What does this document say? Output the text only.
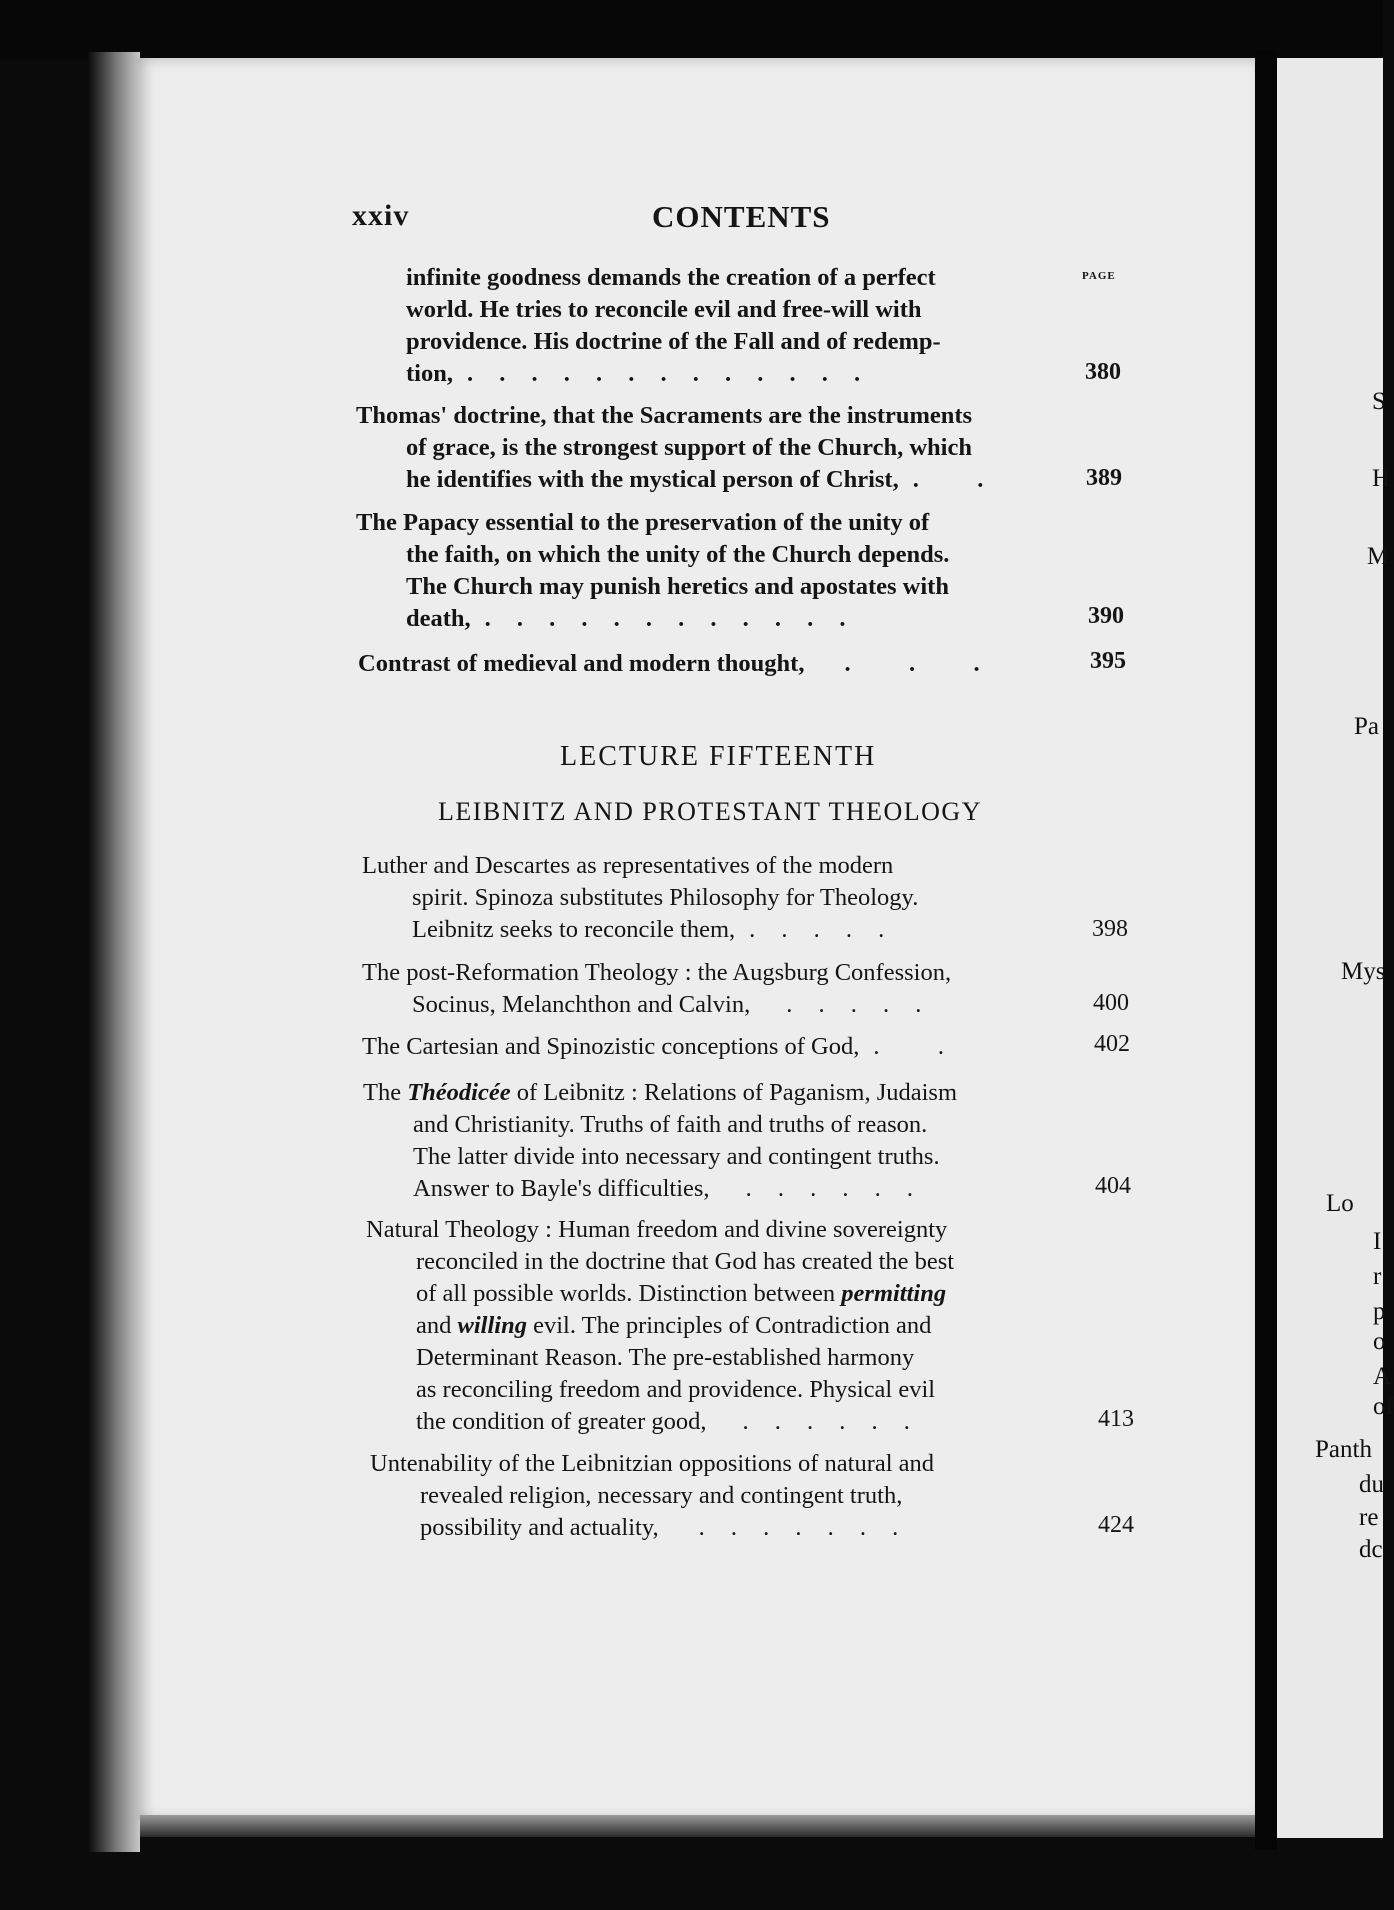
S
H
M
Pa
Mys
Lo
I
r
p
o
A
of
Panth
du
re
dc
xxiv	CONTENTS
PAGE
infinite goodness demands the creation of a perfect
world. He tries to reconcile evil and free-will with
providence. His doctrine of the Fall and of redemp-
tion, . . . . . . . . . . . . .	380
Thomas' doctrine, that the Sacraments are the instruments
of grace, is the strongest support of the Church, which
he identifies with the mystical person of Christ, .   .	389
The Papacy essential to the preservation of the unity of
the faith, on which the unity of the Church depends.
The Church may punish heretics and apostates with
death, . . . . . . . . . . . .	390
Contrast of medieval and modern thought, .   .   .	395
LECTURE FIFTEENTH
LEIBNITZ AND PROTESTANT THEOLOGY
Luther and Descartes as representatives of the modern
spirit. Spinoza substitutes Philosophy for Theology.
Leibnitz seeks to reconcile them, . . . . .	398
The post-Reformation Theology : the Augsburg Confession,
Socinus, Melanchthon and Calvin, . . . . .	400
The Cartesian and Spinozistic conceptions of God, .   .	402
The Théodicée of Leibnitz : Relations of Paganism, Judaism
and Christianity. Truths of faith and truths of reason.
The latter divide into necessary and contingent truths.
Answer to Bayle's difficulties, . . . . . .	404
Natural Theology : Human freedom and divine sovereignty
reconciled in the doctrine that God has created the best
of all possible worlds. Distinction between permitting
and willing evil. The principles of Contradiction and
Determinant Reason. The pre-established harmony
as reconciling freedom and providence. Physical evil
the condition of greater good, . . . . . .	413
Untenability of the Leibnitzian oppositions of natural and
revealed religion, necessary and contingent truth,
possibility and actuality, . . . . . . .	424
